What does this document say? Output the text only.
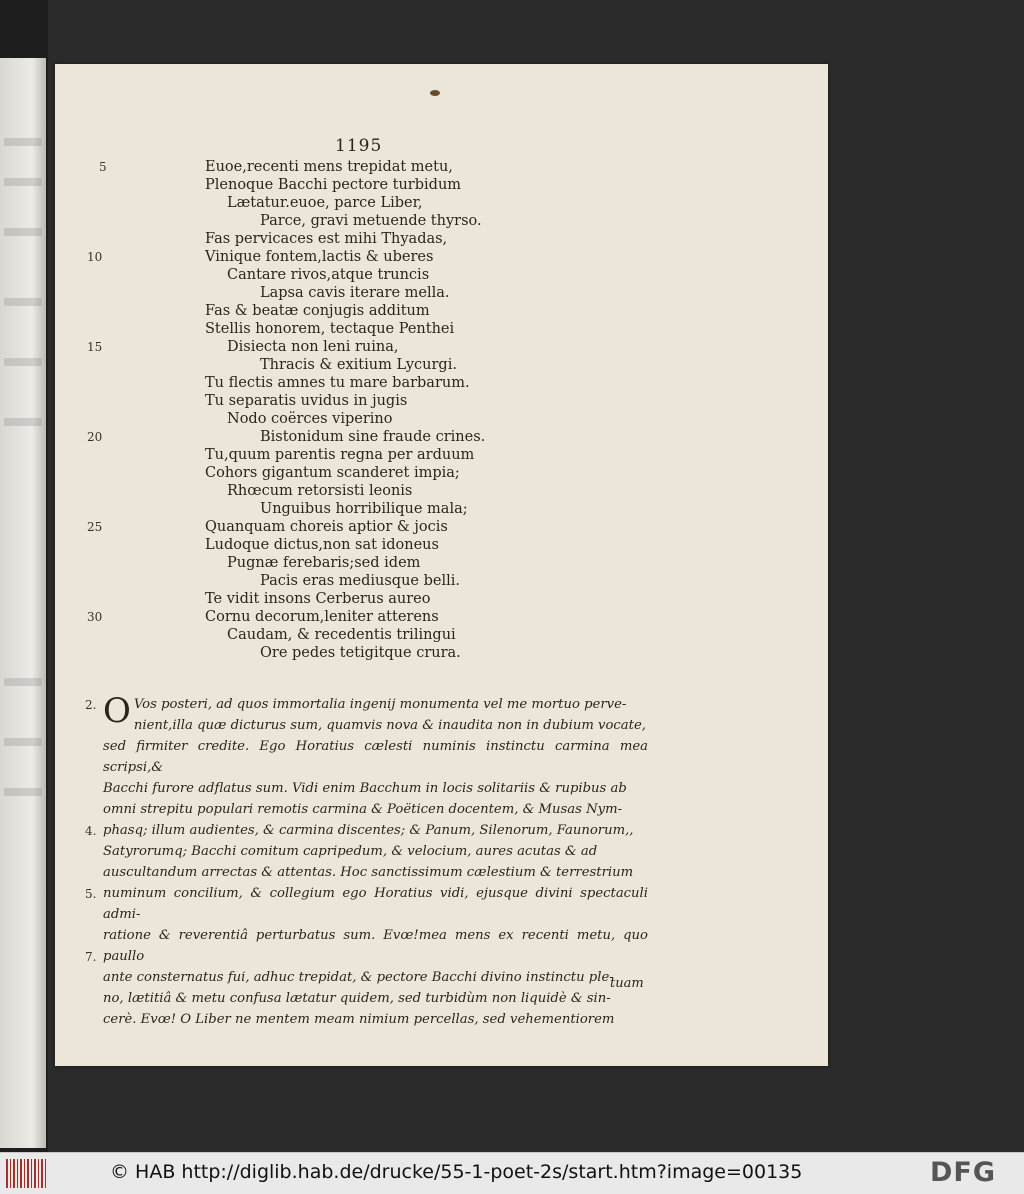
1195
Euoe,recenti mens trepidat metu,
Plenoque Bacchi pectore turbidum
Lætatur.euoe, parce Liber,
Parce, gravi metuende thyrso.
Fas pervicaces est mihi Thyadas,
Vinique fontem,lactis & uberes
Cantare rivos,atque truncis
Lapsa cavis iterare mella.
Fas & beatæ conjugis additum
Stellis honorem, tectaque Penthei
Disiecta non leni ruina,
Thracis & exitium Lycurgi.
Tu flectis amnes tu mare barbarum.
Tu separatis uvidus in jugis
Nodo coërces viperino
Bistonidum sine fraude crines.
Tu,quum parentis regna per arduum
Cohors gigantum scanderet impia;
Rhœcum retorsisti leonis
Unguibus horribilique mala;
Quanquam choreis aptior & jocis
Ludoque dictus,non sat idoneus
Pugnæ ferebaris;sed idem
Pacis eras mediusque belli.
Te vidit insons Cerberus aureo
Cornu decorum,leniter atterens
Caudam, & recedentis trilingui
Ore pedes tetigitque crura.
5
10
15
20
25
30
2.
4.
5.
7.
O Vos posteri, ad quos immortalia ingenij monumenta vel me mortuo perve-

nient,illa quæ dicturus sum, quamvis nova & inaudita non in dubium vocate,

sed firmiter credite. Ego Horatius cælesti numinis instinctu carmina mea scripsi,&

Bacchi furore adflatus sum. Vidi enim Bacchum in locis solitariis & rupibus ab

omni strepitu populari remotis carmina & Poëticen docentem, & Musas Nym-

phasq; illum audientes, & carmina discentes; & Panum, Silenorum, Faunorum,,

Satyrorumq; Bacchi comitum capripedum, & velocium, aures acutas & ad

auscultandum arrectas & attentas. Hoc sanctissimum cælestium & terrestrium

numinum concilium, & collegium ego Horatius vidi, ejusque divini spectaculi admi-

ratione & reverentiâ perturbatus sum. Evœ!mea mens ex recenti metu, quo paullo

ante consternatus fui, adhuc trepidat, & pectore Bacchi divino instinctu ple-

no, lætitiâ & metu confusa lætatur quidem, sed turbidùm non liquidè & sin-

cerè. Evœ! O Liber ne mentem meam nimium percellas, sed vehementiorem

tuam
© HAB http://diglib.hab.de/drucke/55-1-poet-2s/start.htm?image=00135	DFG
